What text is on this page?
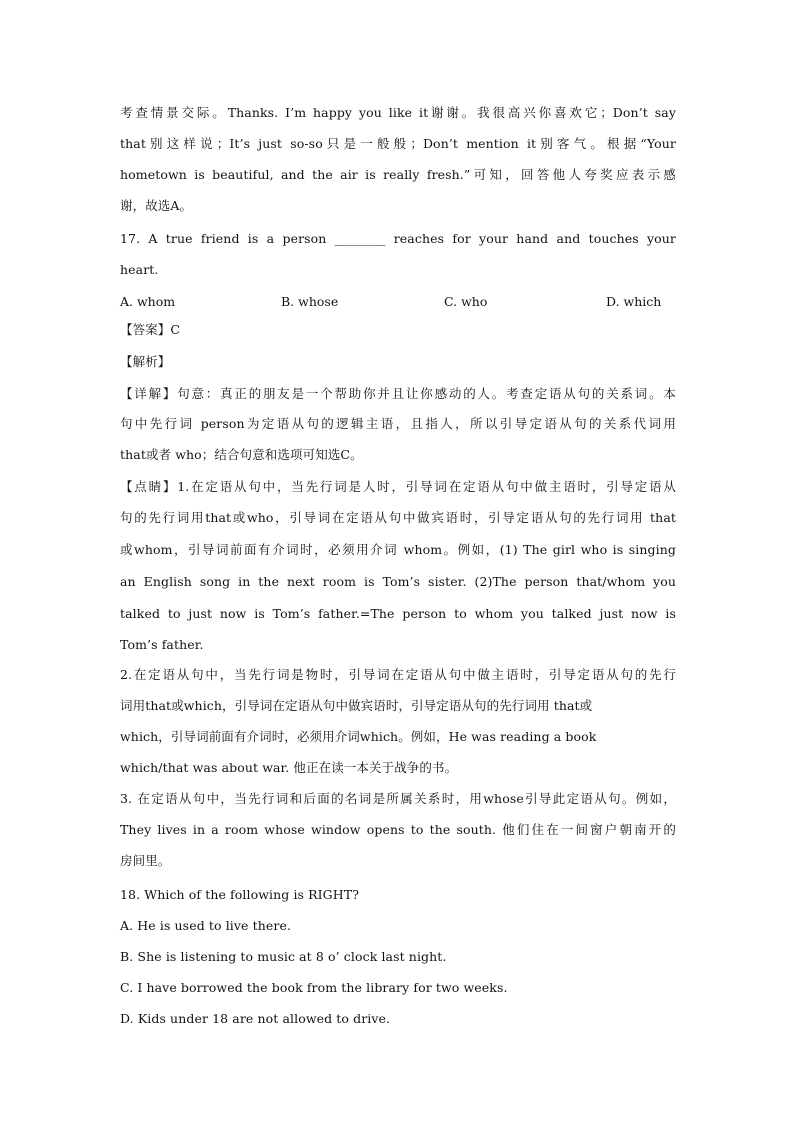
考查情景交际。Thanks. I’m happy you like it谢谢。我很高兴你喜欢它；Don’t say
that别这样说；It’s just so-so只是一般般；Don’t mention it别客气。根据“Your
hometown is beautiful, and the air is really fresh.”可知，回答他人夸奖应表示感
谢，故选A。
17. A true friend is a person ________ reaches for your hand and touches your
heart.
A. whom	B. whose	C. who	D. which
【答案】C
【解析】
【详解】句意：真正的朋友是一个帮助你并且让你感动的人。考查定语从句的关系词。本
句中先行词 person为定语从句的逻辑主语，且指人，所以引导定语从句的关系代词用
that或者 who；结合句意和选项可知选C。
【点睛】1.在定语从句中，当先行词是人时，引导词在定语从句中做主语时，引导定语从
句的先行词用that或who，引导词在定语从句中做宾语时，引导定语从句的先行词用 that
或whom，引导词前面有介词时，必须用介词 whom。例如，(1) The girl who is singing
an English song in the next room is Tom’s sister. (2)The person that/whom you
talked to just now is Tom’s father.=The person to whom you talked just now is
Tom’s father.
2.在定语从句中，当先行词是物时，引导词在定语从句中做主语时，引导定语从句的先行
词用that或which，引导词在定语从句中做宾语时，引导定语从句的先行词用 that或
which，引导词前面有介词时，必须用介词which。例如，He was reading a book
which/that was about war. 他正在读一本关于战争的书。
3. 在定语从句中，当先行词和后面的名词是所属关系时，用whose引导此定语从句。例如，
They lives in a room whose window opens to the south. 他们住在一间窗户朝南开的
房间里。
18. Which of the following is RIGHT?
A. He is used to live there.
B. She is listening to music at 8 o’ clock last night.
C. I have borrowed the book from the library for two weeks.
D. Kids under 18 are not allowed to drive.
